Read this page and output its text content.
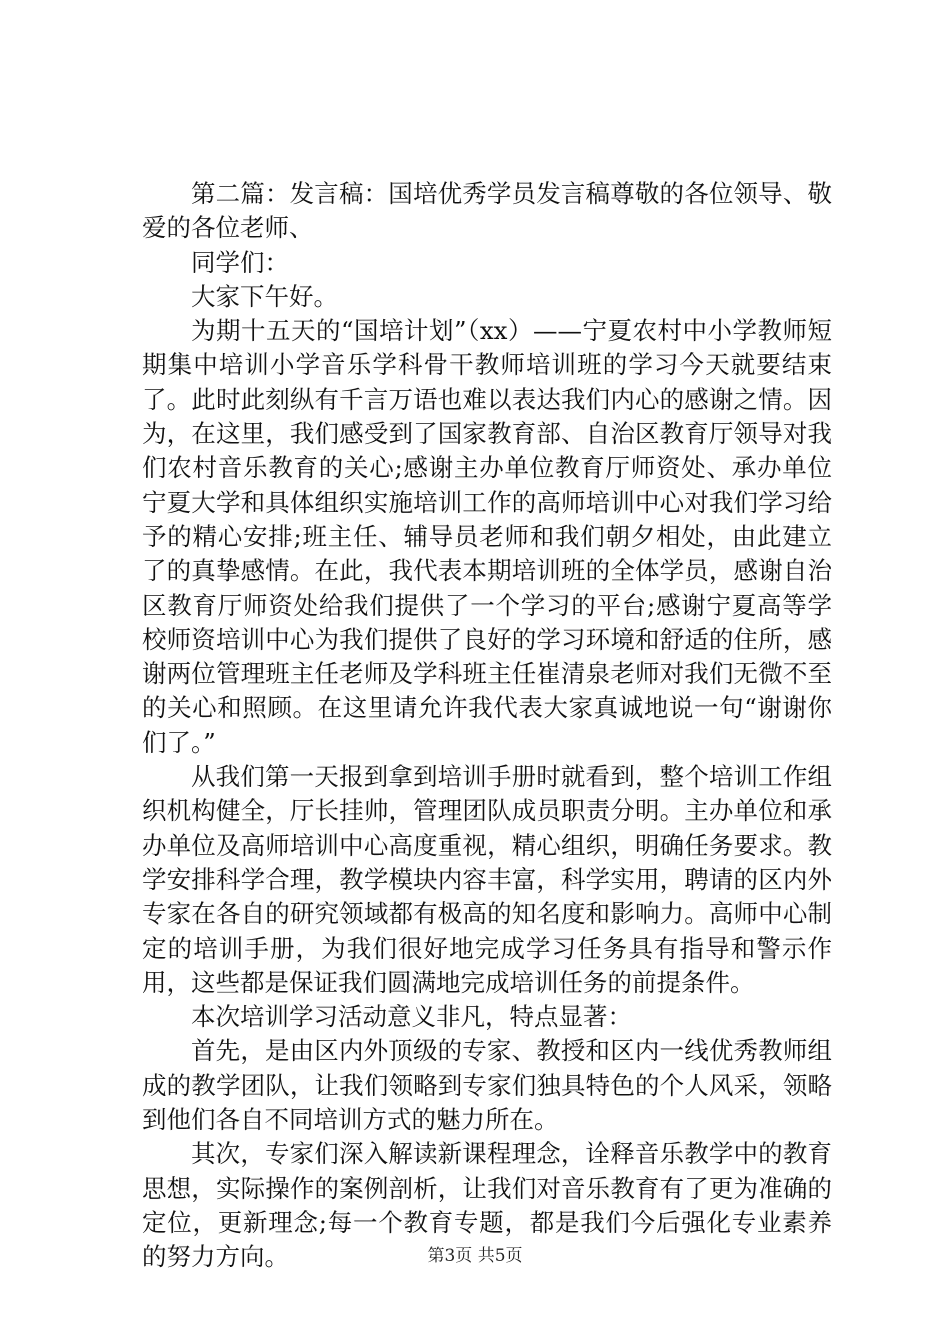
第二篇：发言稿：国培优秀学员发言稿尊敬的各位领导、敬爱的各位老师、

同学们：

大家下午好。

为期十五天的“国培计划”（xx）——宁夏农村中小学教师短期集中培训小学音乐学科骨干教师培训班的学习今天就要结束了。此时此刻纵有千言万语也难以表达我们内心的感谢之情。因为，在这里，我们感受到了国家教育部、自治区教育厅领导对我们农村音乐教育的关心;感谢主办单位教育厅师资处、承办单位宁夏大学和具体组织实施培训工作的高师培训中心对我们学习给予的精心安排;班主任、辅导员老师和我们朝夕相处，由此建立了的真挚感情。在此，我代表本期培训班的全体学员，感谢自治区教育厅师资处给我们提供了一个学习的平台;感谢宁夏高等学校师资培训中心为我们提供了良好的学习环境和舒适的住所，感谢两位管理班主任老师及学科班主任崔清泉老师对我们无微不至的关心和照顾。在这里请允许我代表大家真诚地说一句“谢谢你们了。”

从我们第一天报到拿到培训手册时就看到，整个培训工作组织机构健全，厅长挂帅，管理团队成员职责分明。主办单位和承办单位及高师培训中心高度重视，精心组织，明确任务要求。教学安排科学合理，教学模块内容丰富，科学实用，聘请的区内外专家在各自的研究领域都有极高的知名度和影响力。高师中心制定的培训手册，为我们很好地完成学习任务具有指导和警示作用，这些都是保证我们圆满地完成培训任务的前提条件。

本次培训学习活动意义非凡，特点显著：

首先，是由区内外顶级的专家、教授和区内一线优秀教师组成的教学团队，让我们领略到专家们独具特色的个人风采，领略到他们各自不同培训方式的魅力所在。

其次，专家们深入解读新课程理念，诠释音乐教学中的教育思想，实际操作的案例剖析，让我们对音乐教育有了更为准确的定位，更新理念;每一个教育专题，都是我们今后强化专业素养的努力方向。	第3页 共5页
